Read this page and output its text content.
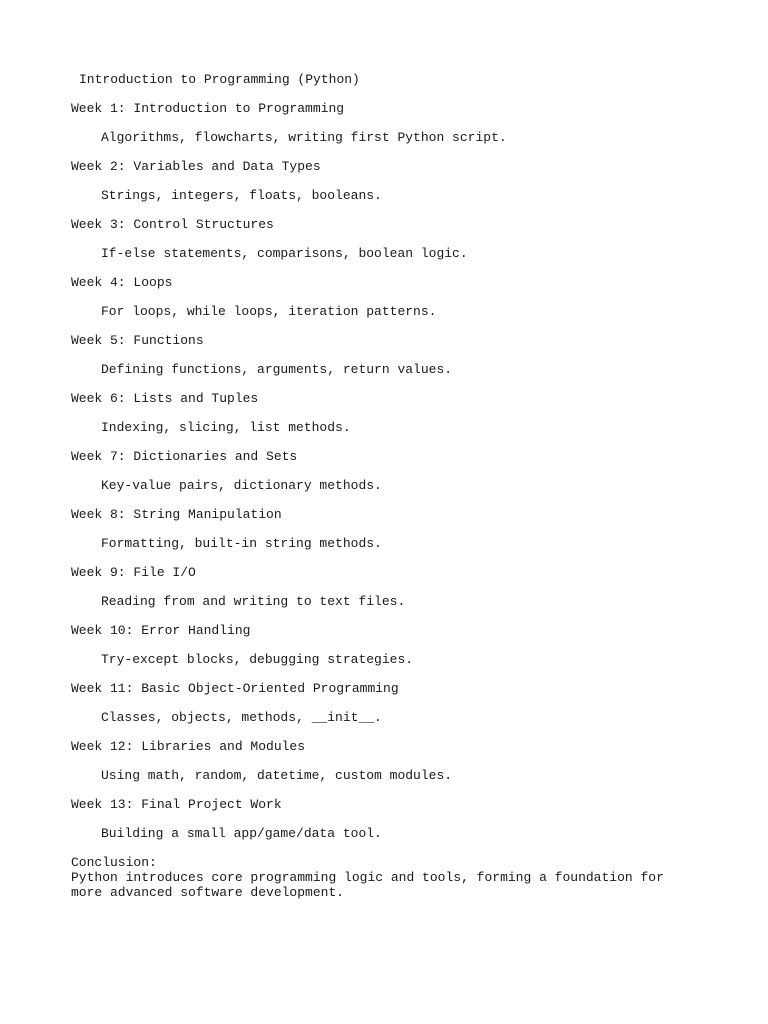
Introduction to Programming (Python)
Week 1: Introduction to Programming
Algorithms, flowcharts, writing first Python script.
Week 2: Variables and Data Types
Strings, integers, floats, booleans.
Week 3: Control Structures
If-else statements, comparisons, boolean logic.
Week 4: Loops
For loops, while loops, iteration patterns.
Week 5: Functions
Defining functions, arguments, return values.
Week 6: Lists and Tuples
Indexing, slicing, list methods.
Week 7: Dictionaries and Sets
Key-value pairs, dictionary methods.
Week 8: String Manipulation
Formatting, built-in string methods.
Week 9: File I/O
Reading from and writing to text files.
Week 10: Error Handling
Try-except blocks, debugging strategies.
Week 11: Basic Object-Oriented Programming
Classes, objects, methods, __init__.
Week 12: Libraries and Modules
Using math, random, datetime, custom modules.
Week 13: Final Project Work
Building a small app/game/data tool.
Conclusion:
Python introduces core programming logic and tools, forming a foundation for more advanced software development.
